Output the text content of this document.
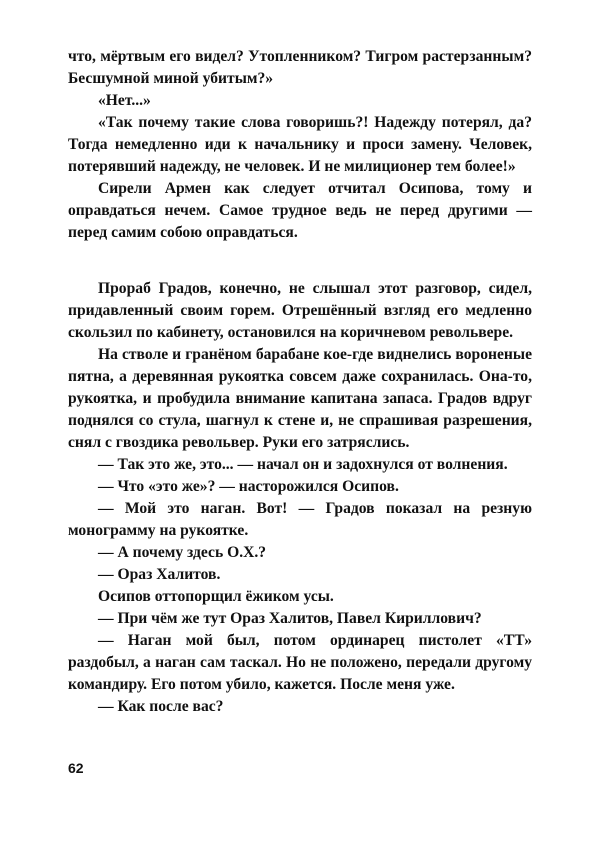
что, мёртвым его видел? Утопленником? Тигром растерзанным? Бесшумной миной убитым?»

«Нет...»

«Так почему такие слова говоришь?! Надежду потерял, да? Тогда немедленно иди к начальнику и проси замену. Человек, потерявший надежду, не человек. И не милиционер тем более!»

Сирели Армен как следует отчитал Осипова, тому и оправдаться нечем. Самое трудное ведь не перед другими — перед самим собою оправдаться.

Прораб Градов, конечно, не слышал этот разговор, сидел, придавленный своим горем. Отрешённый взгляд его медленно скользил по кабинету, остановился на коричневом револьвере.

На стволе и гранёном барабане кое-где виднелись вороненые пятна, а деревянная рукоятка совсем даже сохранилась. Она-то, рукоятка, и пробудила внимание капитана запаса. Градов вдруг поднялся со стула, шагнул к стене и, не спрашивая разрешения, снял с гвоздика револьвер. Руки его затряслись.

— Так это же, это... — начал он и задохнулся от волнения.

— Что «это же»? — насторожился Осипов.

— Мой это наган. Вот! — Градов показал на резную монограмму на рукоятке.

— А почему здесь О.Х.?

— Ораз Халитов.

Осипов оттопорщил ёжиком усы.

— При чём же тут Ораз Халитов, Павел Кириллович?

— Наган мой был, потом ординарец пистолет «ТТ» раздобыл, а наган сам таскал. Но не положено, передали другому командиру. Его потом убило, кажется. После меня уже.

— Как после вас?

62
